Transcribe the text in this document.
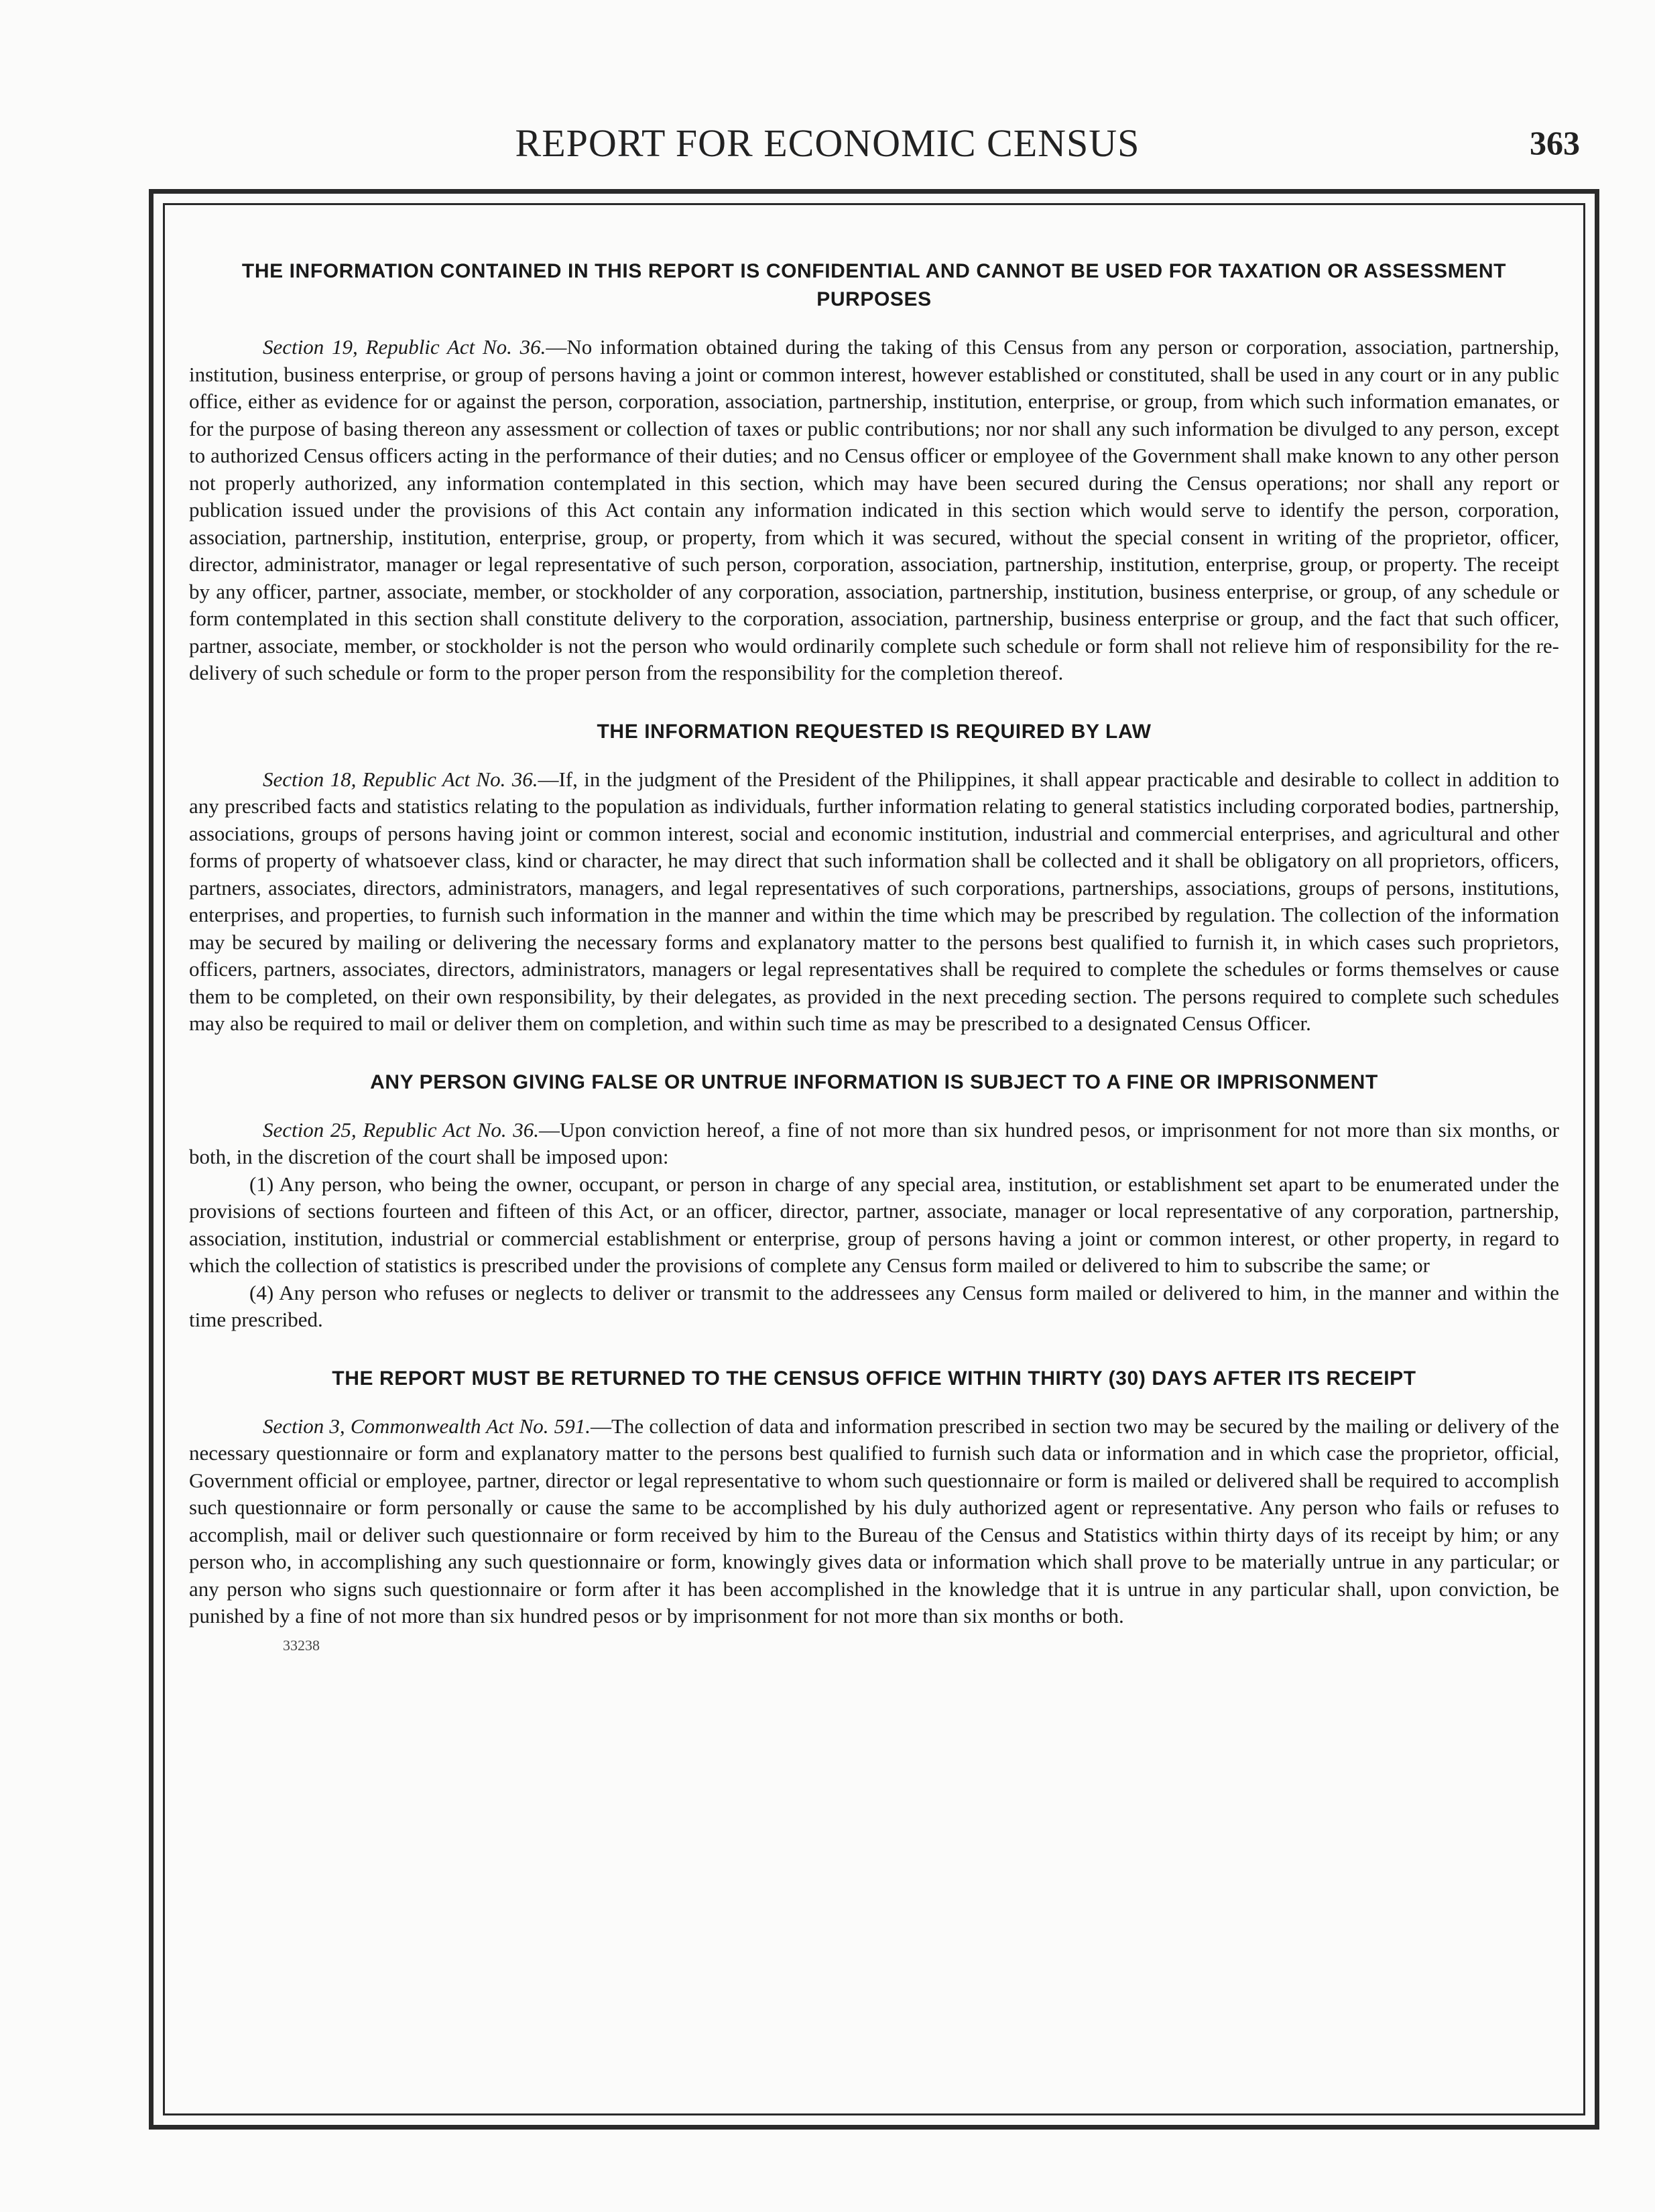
REPORT FOR ECONOMIC CENSUS	363
THE INFORMATION CONTAINED IN THIS REPORT IS CONFIDENTIAL AND CANNOT BE USED FOR TAXATION OR ASSESSMENT PURPOSES

Section 19, Republic Act No. 36.—No information obtained during the taking of this Census from any person or corporation, association, partnership, institution, business enterprise, or group of persons having a joint or common interest, however established or constituted, shall be used in any court or in any public office, either as evidence for or against the person, corporation, association, partnership, institution, enterprise, or group, from which such information emanates, or for the purpose of basing thereon any assessment or collection of taxes or public contributions; nor nor shall any such information be divulged to any person, except to authorized Census officers acting in the performance of their duties; and no Census officer or employee of the Government shall make known to any other person not properly authorized, any information contemplated in this section, which may have been secured during the Census operations; nor shall any report or publication issued under the provisions of this Act contain any information indicated in this section which would serve to identify the person, corporation, association, partnership, institution, enterprise, group, or property, from which it was secured, without the special consent in writing of the proprietor, officer, director, administrator, manager or legal representative of such person, corporation, association, partnership, institution, enterprise, group, or property. The receipt by any officer, partner, associate, member, or stockholder of any corporation, association, partnership, institution, business enterprise, or group, of any schedule or form contemplated in this section shall constitute delivery to the corporation, association, partnership, business enterprise or group, and the fact that such officer, partner, associate, member, or stockholder is not the person who would ordinarily complete such schedule or form shall not relieve him of responsibility for the re-delivery of such schedule or form to the proper person from the responsibility for the completion thereof.

THE INFORMATION REQUESTED IS REQUIRED BY LAW

Section 18, Republic Act No. 36.—If, in the judgment of the President of the Philippines, it shall appear practicable and desirable to collect in addition to any prescribed facts and statistics relating to the population as individuals, further information relating to general statistics including corporated bodies, partnership, associations, groups of persons having joint or common interest, social and economic institution, industrial and commercial enterprises, and agricultural and other forms of property of whatsoever class, kind or character, he may direct that such information shall be collected and it shall be obligatory on all proprietors, officers, partners, associates, directors, administrators, managers, and legal representatives of such corporations, partnerships, associations, groups of persons, institutions, enterprises, and properties, to furnish such information in the manner and within the time which may be prescribed by regulation. The collection of the information may be secured by mailing or delivering the necessary forms and explanatory matter to the persons best qualified to furnish it, in which cases such proprietors, officers, partners, associates, directors, administrators, managers or legal representatives shall be required to complete the schedules or forms themselves or cause them to be completed, on their own responsibility, by their delegates, as provided in the next preceding section. The persons required to complete such schedules may also be required to mail or deliver them on completion, and within such time as may be prescribed to a designated Census Officer.

ANY PERSON GIVING FALSE OR UNTRUE INFORMATION IS SUBJECT TO A FINE OR IMPRISONMENT

Section 25, Republic Act No. 36.—Upon conviction hereof, a fine of not more than six hundred pesos, or imprisonment for not more than six months, or both, in the discretion of the court shall be imposed upon:

(1) Any person, who being the owner, occupant, or person in charge of any special area, institution, or establishment set apart to be enumerated under the provisions of sections fourteen and fifteen of this Act, or an officer, director, partner, associate, manager or local representative of any corporation, partnership, association, institution, industrial or commercial establishment or enterprise, group of persons having a joint or common interest, or other property, in regard to which the collection of statistics is prescribed under the provisions of complete any Census form mailed or delivered to him to subscribe the same; or

(4) Any person who refuses or neglects to deliver or transmit to the addressees any Census form mailed or delivered to him, in the manner and within the time prescribed.

THE REPORT MUST BE RETURNED TO THE CENSUS OFFICE WITHIN THIRTY (30) DAYS AFTER ITS RECEIPT

Section 3, Commonwealth Act No. 591.—The collection of data and information prescribed in section two may be secured by the mailing or delivery of the necessary questionnaire or form and explanatory matter to the persons best qualified to furnish such data or information and in which case the proprietor, official, Government official or employee, partner, director or legal representative to whom such questionnaire or form is mailed or delivered shall be required to accomplish such questionnaire or form personally or cause the same to be accomplished by his duly authorized agent or representative. Any person who fails or refuses to accomplish, mail or deliver such questionnaire or form received by him to the Bureau of the Census and Statistics within thirty days of its receipt by him; or any person who, in accomplishing any such questionnaire or form, knowingly gives data or information which shall prove to be materially untrue in any particular; or any person who signs such questionnaire or form after it has been accomplished in the knowledge that it is untrue in any particular shall, upon conviction, be punished by a fine of not more than six hundred pesos or by imprisonment for not more than six months or both.

33238
